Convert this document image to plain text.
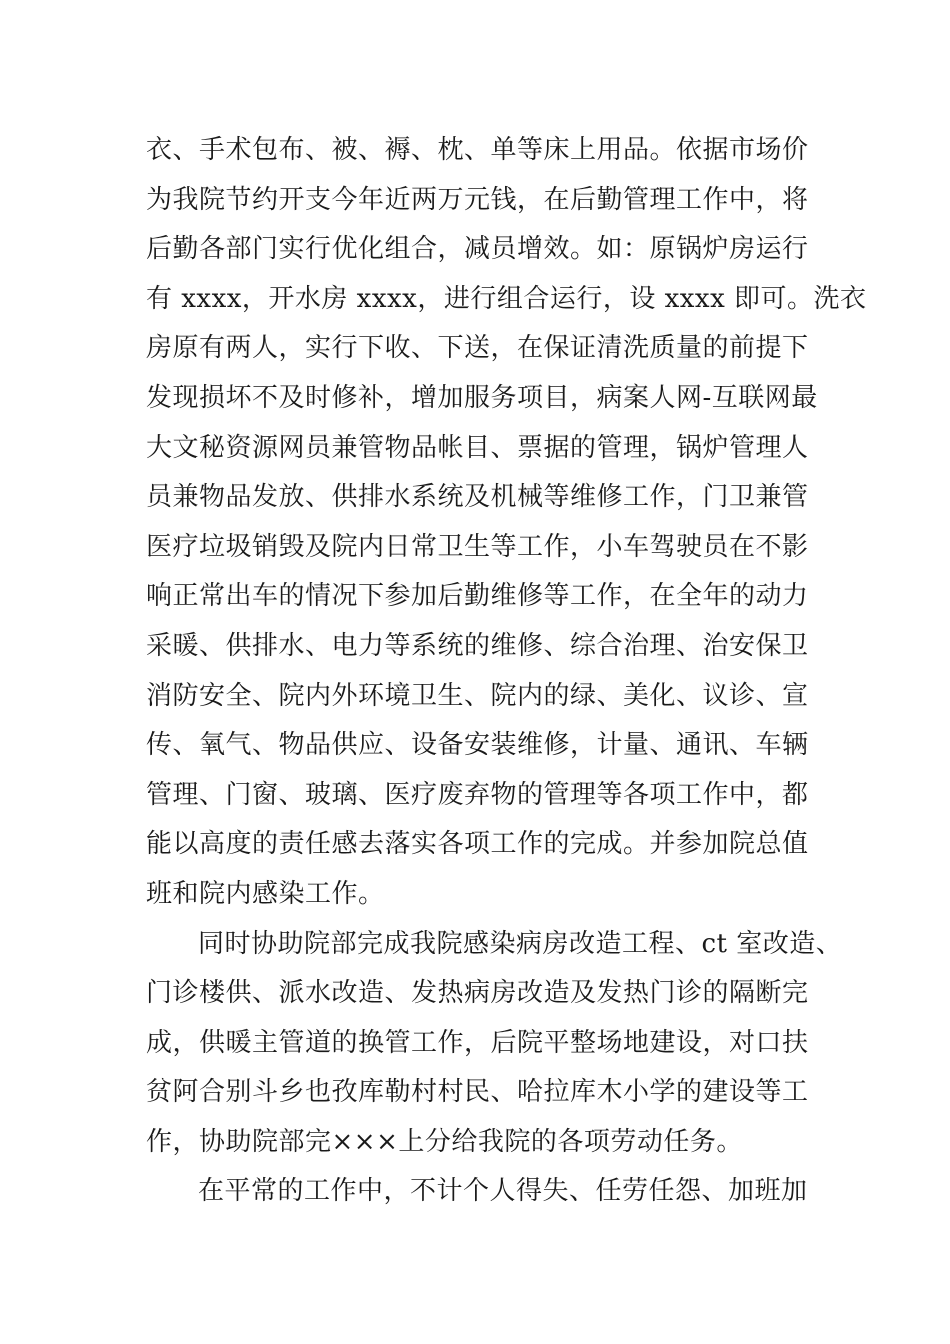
衣、手术包布、被、褥、枕、单等床上用品。依据市场价
为我院节约开支今年近两万元钱，在后勤管理工作中，将
后勤各部门实行优化组合，减员增效。如：原锅炉房运行
有 xxxx，开水房 xxxx，进行组合运行，设 xxxx 即可。洗衣
房原有两人，实行下收、下送，在保证清洗质量的前提下
发现损坏不及时修补，增加服务项目，病案人网-互联网最
大文秘资源网员兼管物品帐目、票据的管理，锅炉管理人
员兼物品发放、供排水系统及机械等维修工作，门卫兼管
医疗垃圾销毁及院内日常卫生等工作，小车驾驶员在不影
响正常出车的情况下参加后勤维修等工作，在全年的动力
采暖、供排水、电力等系统的维修、综合治理、治安保卫
消防安全、院内外环境卫生、院内的绿、美化、议诊、宣
传、氧气、物品供应、设备安装维修，计量、通讯、车辆
管理、门窗、玻璃、医疗废弃物的管理等各项工作中，都
能以高度的责任感去落实各项工作的完成。并参加院总值
班和院内感染工作。
同时协助院部完成我院感染病房改造工程、ct 室改造、
门诊楼供、派水改造、发热病房改造及发热门诊的隔断完
成，供暖主管道的换管工作，后院平整场地建设，对口扶
贫阿合别斗乡也孜库勒村村民、哈拉库木小学的建设等工
作，协助院部完×××上分给我院的各项劳动任务。
在平常的工作中，不计个人得失、任劳任怨、加班加
